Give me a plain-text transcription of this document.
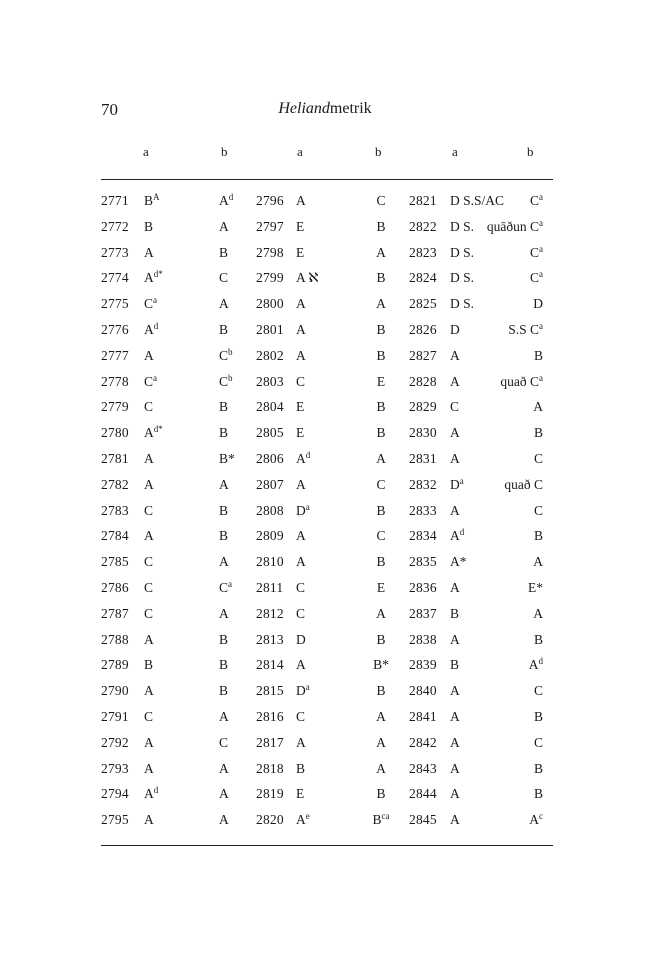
70	Heliandmetrik
a	b	a	b	a	b
2771 $B^A$	$A^d$ 2796 A	C	2821 D S.S/AC	$C^a$
2772 B	A 2797 E	B	2822 D S. quāðun $C^a$
2773 A	B 2798 E	A	2823 D S.	$C^a$
2774 $A^{d*}$	C 2799 A ℵ	B	2824 D S.	$C^a$
2775 $C^a$	A 2800 A	A	2825 D S.	D
2776 $A^d$	B 2801 A	B	2826 D	S.S $C^a$
2777 A	$C^b$ 2802 A	B	2827 A	B
2778 $C^a$	$C^b$ 2803 C	E	2828 A	quað $C^a$
2779 C	B 2804 E	B	2829 C	A
2780 $A^{d*}$	B 2805 E	B	2830 A	B
2781 A	B* 2806 $A^d$	A	2831 A	C
2782 A	A 2807 A	C	2832 $D^a$	quað C
2783 C	B 2808 $D^a$	B	2833 A	C
2784 A	B 2809 A	C	2834 $A^d$	B
2785 C	A 2810 A	B	2835 A*	A
2786 C	$C^a$ 2811 C	E	2836 A	E*
2787 C	A 2812 C	A	2837 B	A
2788 A	B 2813 D	B	2838 A	B
2789 B	B 2814 A	B*	2839 B	$A^d$
2790 A	B 2815 $D^a$	B	2840 A	C
2791 C	A 2816 C	A	2841 A	B
2792 A	C 2817 A	A	2842 A	C
2793 A	A 2818 B	A	2843 A	B
2794 $A^d$	A 2819 E	B	2844 A	B
2795 A	A 2820 $A^e$	$B^{ca}$	2845 A	$A^c$
